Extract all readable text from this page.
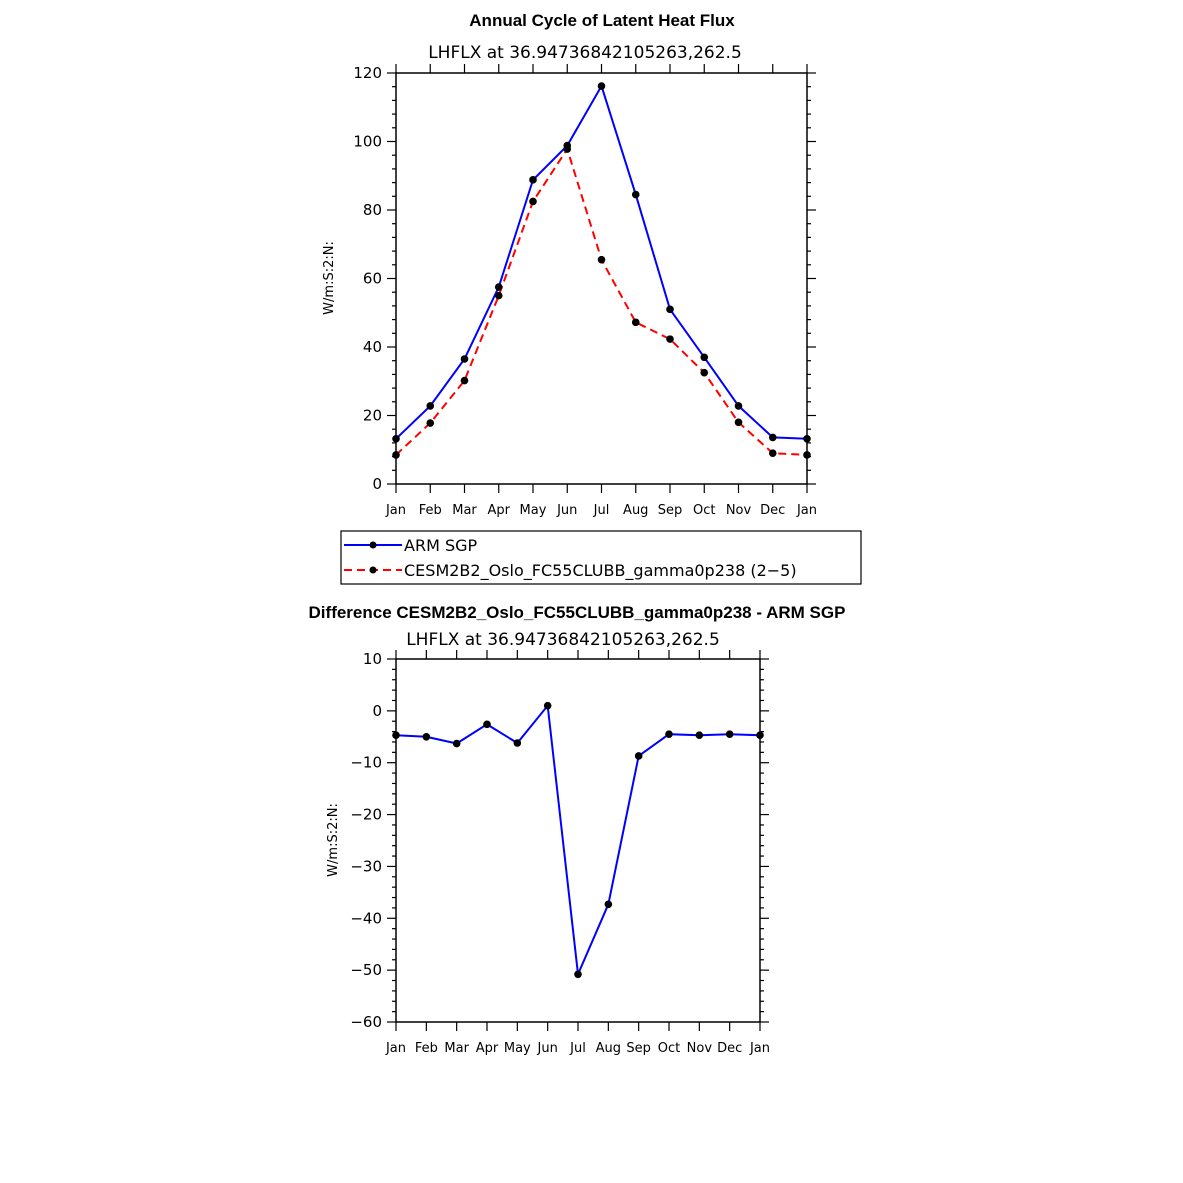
Annual Cycle of Latent Heat Flux
LHFLX at 36.94736842105263,262.5
W/m:S:2:N:
0
20
40
60
80
100
120
Jan Feb Mar Apr May Jun Jul Aug Sep Oct Nov Dec Jan
ARM SGP
CESM2B2_Oslo_FC55CLUBB_gamma0p238 (2−5)
Difference CESM2B2_Oslo_FC55CLUBB_gamma0p238 - ARM SGP
LHFLX at 36.94736842105263,262.5
W/m:S:2:N:
−60
−50
−40
−30
−20
−10
0
10
Jan Feb Mar Apr May Jun Jul Aug Sep Oct Nov Dec Jan
